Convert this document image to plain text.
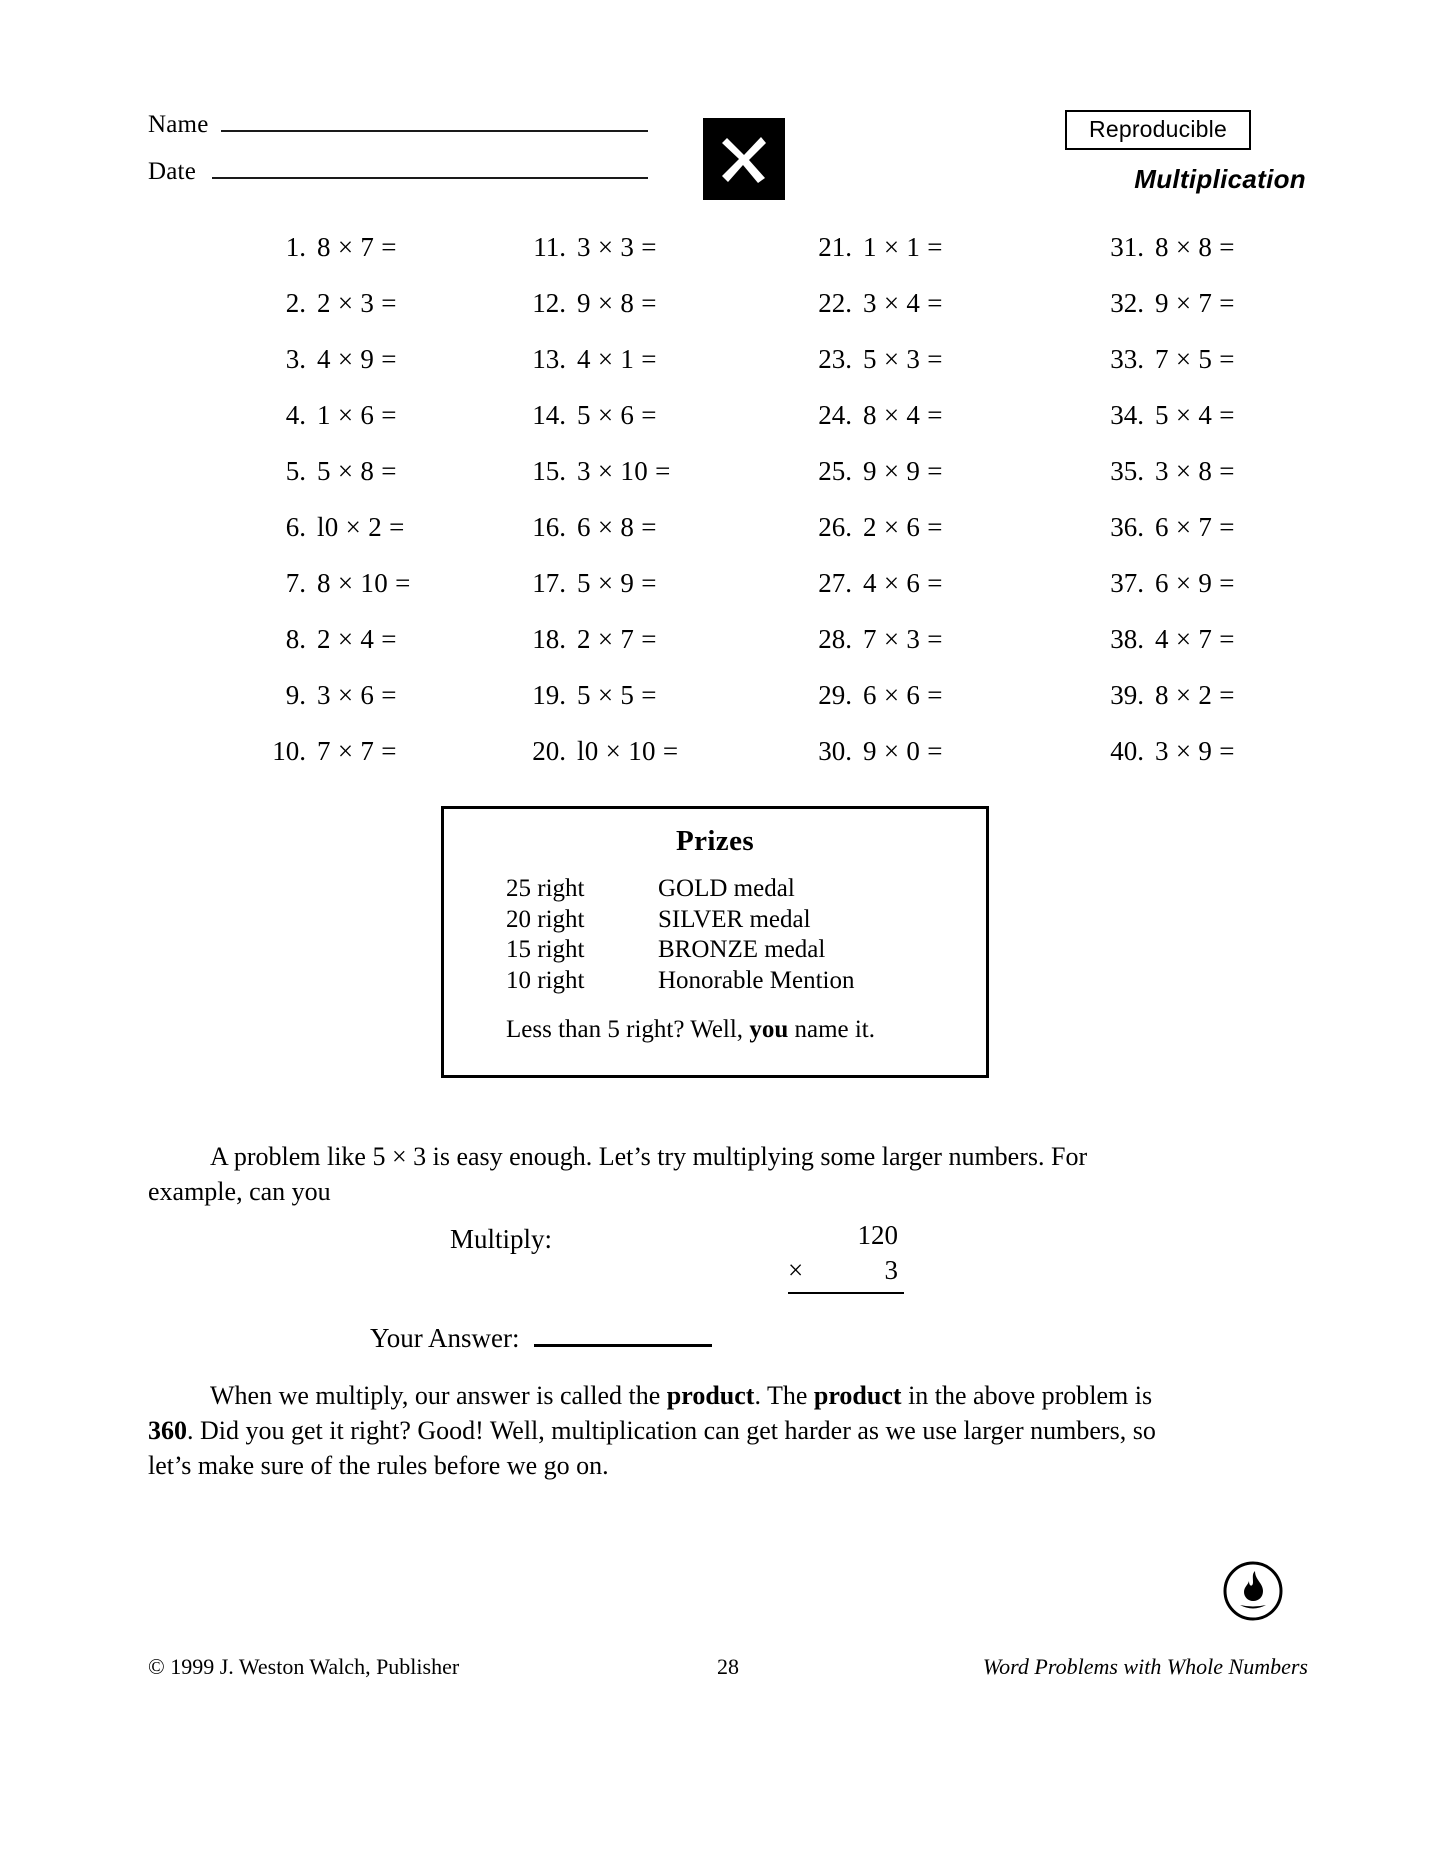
Name
Date
Reproducible
Multiplication
1. 8 × 7 =
2. 2 × 3 =
3. 4 × 9 =
4. 1 × 6 =
5. 5 × 8 =
6. l0 × 2 =
7. 8 × 10 =
8. 2 × 4 =
9. 3 × 6 =
10. 7 × 7 =
11. 3 × 3 =
12. 9 × 8 =
13. 4 × 1 =
14. 5 × 6 =
15. 3 × 10 =
16. 6 × 8 =
17. 5 × 9 =
18. 2 × 7 =
19. 5 × 5 =
20. l0 × 10 =
21. 1 × 1 =
22. 3 × 4 =
23. 5 × 3 =
24. 8 × 4 =
25. 9 × 9 =
26. 2 × 6 =
27. 4 × 6 =
28. 7 × 3 =
29. 6 × 6 =
30. 9 × 0 =
31. 8 × 8 =
32. 9 × 7 =
33. 7 × 5 =
34. 5 × 4 =
35. 3 × 8 =
36. 6 × 7 =
37. 6 × 9 =
38. 4 × 7 =
39. 8 × 2 =
40. 3 × 9 =
Prizes
25 right	GOLD medal
20 right	SILVER medal
15 right	BRONZE medal
10 right	Honorable Mention
Less than 5 right? Well, you name it.
A problem like 5 × 3 is easy enough. Let’s try multiplying some larger numbers. For example, can you
Multiply:	120
×	3
Your Answer:
When we multiply, our answer is called the product. The product in the above problem is 360. Did you get it right? Good! Well, multiplication can get harder as we use larger numbers, so let’s make sure of the rules before we go on.
© 1999 J. Weston Walch, Publisher	28	Word Problems with Whole Numbers
